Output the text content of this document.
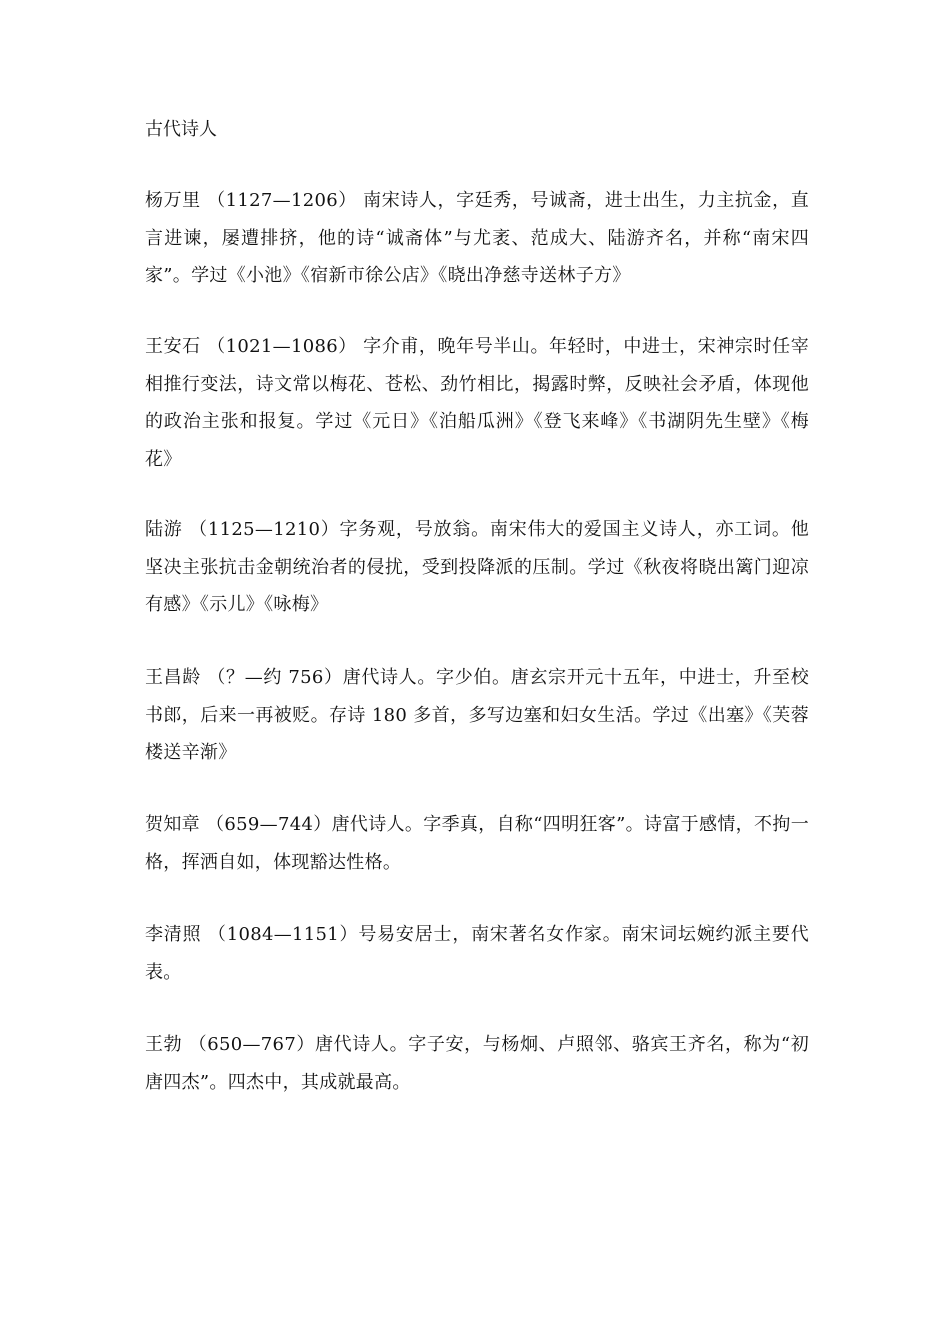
古代诗人

杨万里 （1127—1206） 南宋诗人，字廷秀，号诚斋，进士出生，力主抗金，直言进谏，屡遭排挤，他的诗“诚斋体”与尤袤、范成大、陆游齐名，并称“南宋四家”。学过《小池》《宿新市徐公店》《晓出净慈寺送林子方》

王安石 （1021—1086） 字介甫，晚年号半山。年轻时，中进士，宋神宗时任宰相推行变法，诗文常以梅花、苍松、劲竹相比，揭露时弊，反映社会矛盾，体现他的政治主张和报复。学过《元日》《泊船瓜洲》《登飞来峰》《书湖阴先生壁》《梅花》

陆游 （1125—1210）字务观，号放翁。南宋伟大的爱国主义诗人，亦工词。他坚决主张抗击金朝统治者的侵扰，受到投降派的压制。学过《秋夜将晓出篱门迎凉有感》《示儿》《咏梅》

王昌龄 （？—约 756）唐代诗人。字少伯。唐玄宗开元十五年，中进士，升至校书郎，后来一再被贬。存诗 180 多首，多写边塞和妇女生活。学过《出塞》《芙蓉楼送辛渐》

贺知章 （659—744）唐代诗人。字季真，自称“四明狂客”。诗富于感情，不拘一格，挥洒自如，体现豁达性格。

李清照 （1084—1151）号易安居士，南宋著名女作家。南宋词坛婉约派主要代表。

王勃 （650—767）唐代诗人。字子安，与杨炯、卢照邻、骆宾王齐名，称为“初唐四杰”。四杰中，其成就最高。
